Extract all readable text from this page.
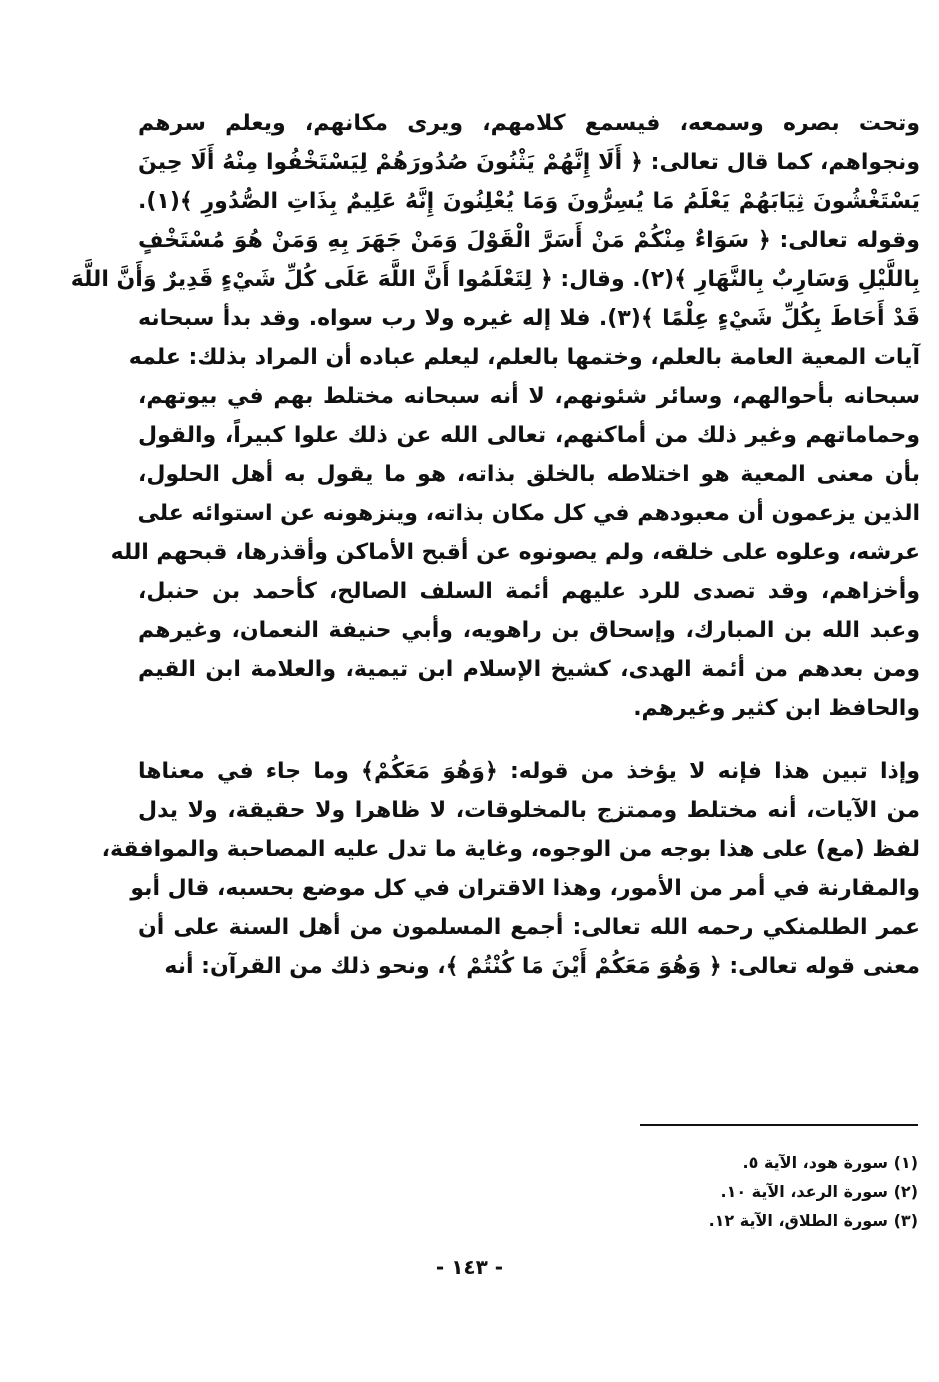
وتحت بصره وسمعه، فيسمع كلامهم، ويرى مكانهم، ويعلم سرهم
ونجواهم، كما قال تعالى: ﴿ أَلَا إِنَّهُمْ يَثْنُونَ صُدُورَهُمْ لِيَسْتَخْفُوا مِنْهُ أَلَا حِينَ
يَسْتَغْشُونَ ثِيَابَهُمْ يَعْلَمُ مَا يُسِرُّونَ وَمَا يُعْلِنُونَ إِنَّهُ عَلِيمٌ بِذَاتِ الصُّدُورِ ﴾(١).
وقوله تعالى: ﴿ سَوَاءٌ مِنْكُمْ مَنْ أَسَرَّ الْقَوْلَ وَمَنْ جَهَرَ بِهِ وَمَنْ هُوَ مُسْتَخْفٍ
بِاللَّيْلِ وَسَارِبٌ بِالنَّهَارِ ﴾(٢). وقال: ﴿ لِتَعْلَمُوا أَنَّ اللَّهَ عَلَى كُلِّ شَيْءٍ قَدِيرٌ وَأَنَّ اللَّهَ
قَدْ أَحَاطَ بِكُلِّ شَيْءٍ عِلْمًا ﴾(٣). فلا إله غيره ولا رب سواه. وقد بدأ سبحانه
آيات المعية العامة بالعلم، وختمها بالعلم، ليعلم عباده أن المراد بذلك: علمه
سبحانه بأحوالهم، وسائر شئونهم، لا أنه سبحانه مختلط بهم في بيوتهم،
وحماماتهم وغير ذلك من أماكنهم، تعالى الله عن ذلك علوا كبيراً، والقول
بأن معنى المعية هو اختلاطه بالخلق بذاته، هو ما يقول به أهل الحلول،
الذين يزعمون أن معبودهم في كل مكان بذاته، وينزهونه عن استوائه على
عرشه، وعلوه على خلقه، ولم يصونوه عن أقبح الأماكن وأقذرها، قبحهم الله
وأخزاهم، وقد تصدى للرد عليهم أئمة السلف الصالح، كأحمد بن حنبل،
وعبد الله بن المبارك، وإسحاق بن راهويه، وأبي حنيفة النعمان، وغيرهم
ومن بعدهم من أئمة الهدى، كشيخ الإسلام ابن تيمية، والعلامة ابن القيم
والحافظ ابن كثير وغيرهم.
وإذا تبين هذا فإنه لا يؤخذ من قوله: ﴿وَهُوَ مَعَكُمْ﴾ وما جاء في معناها
من الآيات، أنه مختلط وممتزج بالمخلوقات، لا ظاهرا ولا حقيقة، ولا يدل
لفظ (مع) على هذا بوجه من الوجوه، وغاية ما تدل عليه المصاحبة والموافقة،
والمقارنة في أمر من الأمور، وهذا الاقتران في كل موضع بحسبه، قال أبو
عمر الطلمنكي رحمه الله تعالى: أجمع المسلمون من أهل السنة على أن
معنى قوله تعالى: ﴿ وَهُوَ مَعَكُمْ أَيْنَ مَا كُنْتُمْ ﴾، ونحو ذلك من القرآن: أنه
(١) سورة هود، الآية ٥.
(٢) سورة الرعد، الآية ١٠.
(٣) سورة الطلاق، الآية ١٢.
- ١٤٣ -
